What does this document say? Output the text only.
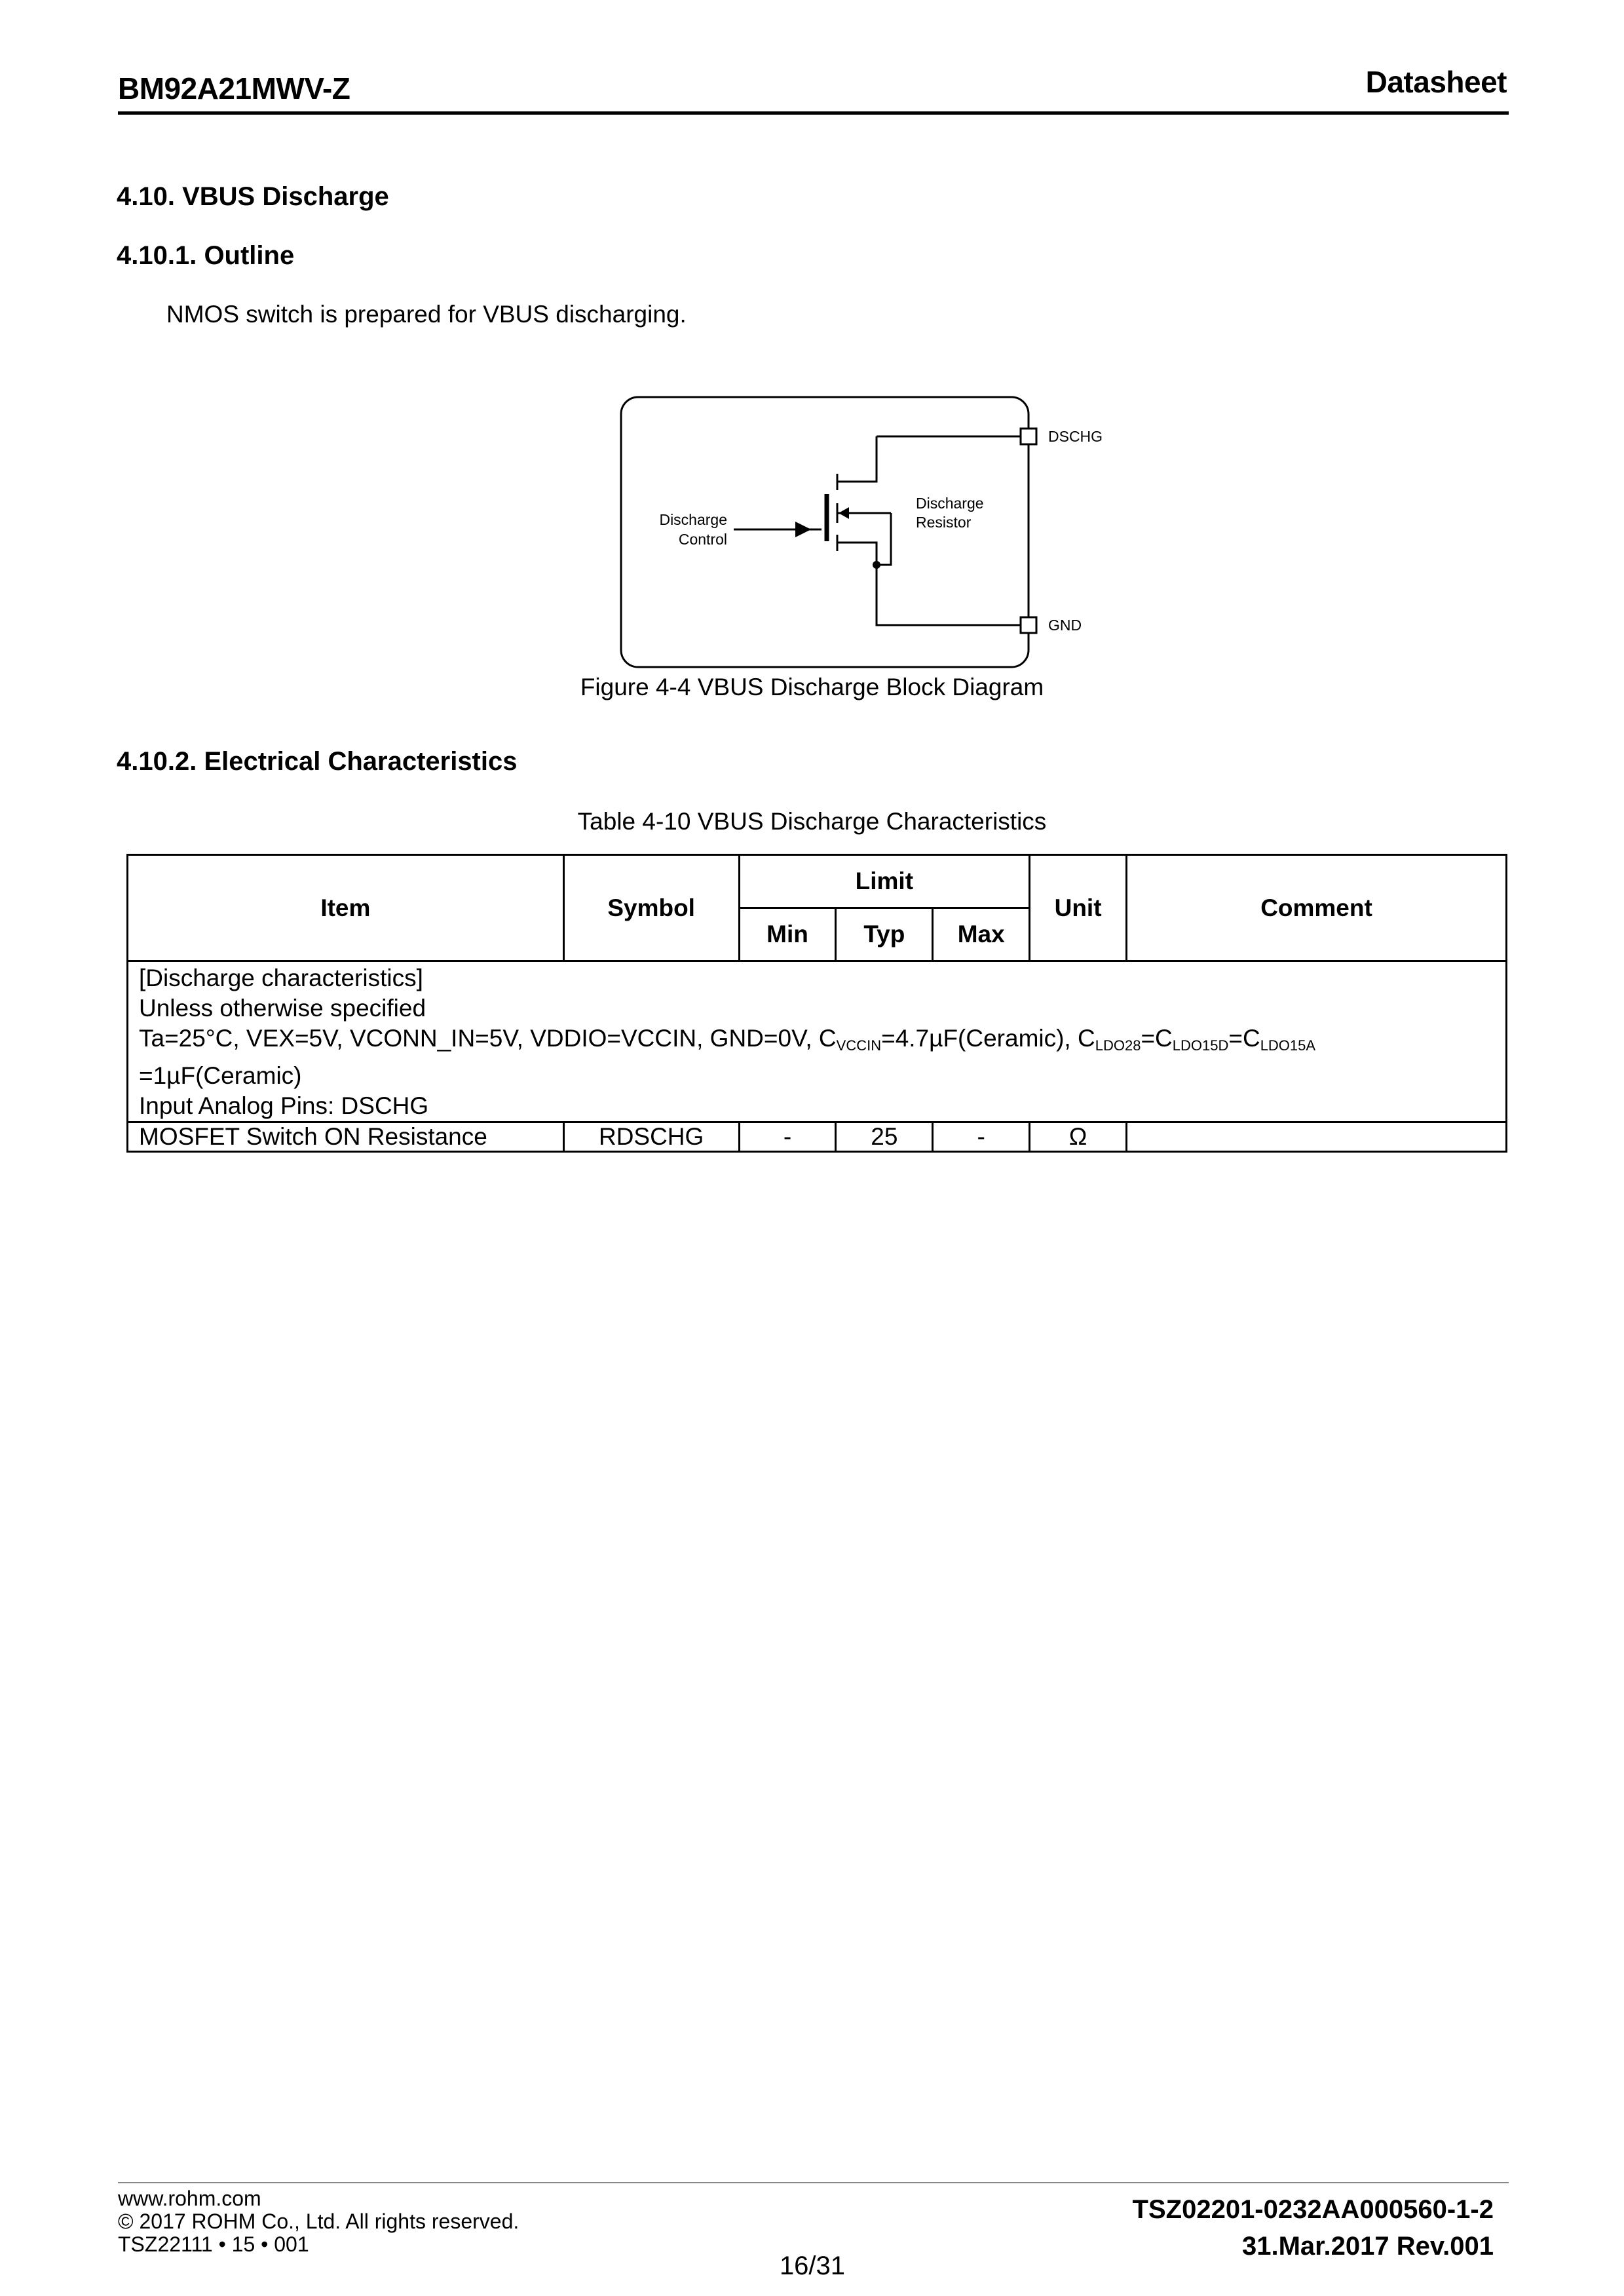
BM92A21MWV-Z	Datasheet
4.10. VBUS Discharge
4.10.1. Outline
NMOS switch is prepared for VBUS discharging.
DSCHG
GND
Discharge
Control
Discharge
Resistor
Figure 4-4 VBUS Discharge Block Diagram
4.10.2. Electrical Characteristics
Table 4-10 VBUS Discharge Characteristics
Item	Symbol	Limit			Unit	Comment
		Min	Typ	Max		

[Discharge characteristics]
Unless otherwise specified
Ta=25°C, VEX=5V, VCONN_IN=5V, VDDIO=VCCIN, GND=0V, $C_{VCCIN}=4.7\mu F(Ceramic)$, $C_{LDO28}=C_{LDO15D}=C_{LDO15A}$
=1µF(Ceramic)
Input Analog Pins: DSCHG						

MOSFET Switch ON Resistance	RDSCHG	-	25	-	Ω	
www.rohm.com
© 2017 ROHM Co., Ltd. All rights reserved.
TSZ22111 • 15 • 001
16/31
TSZ02201-0232AA000560-1-2
31.Mar.2017 Rev.001
